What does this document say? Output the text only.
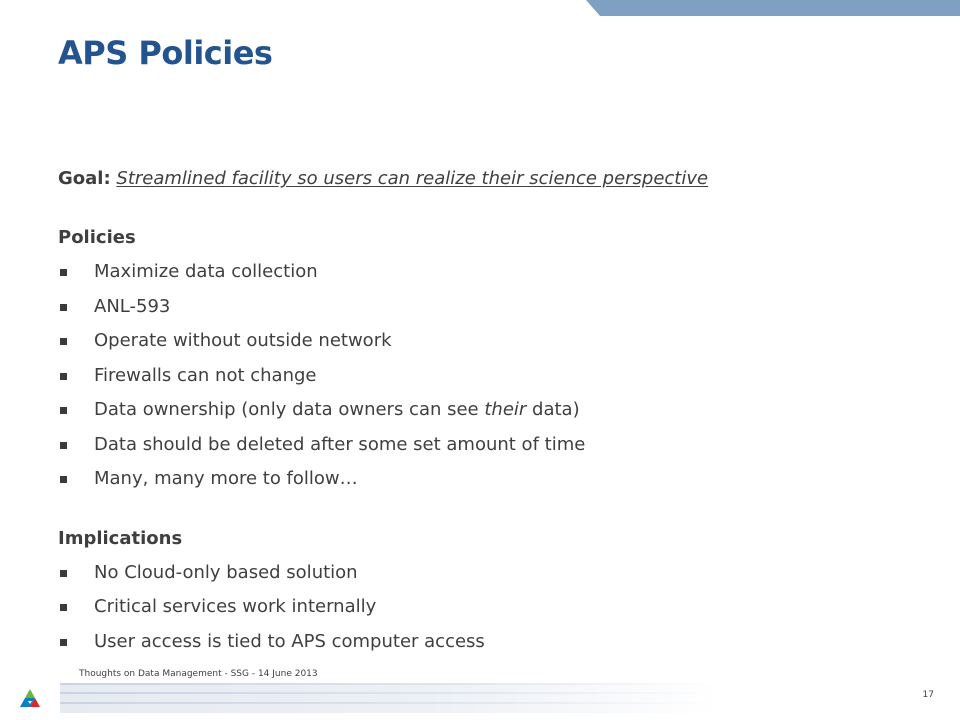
APS Policies
Goal: Streamlined facility so users can realize their science perspective
Policies
Maximize data collection
ANL-593
Operate without outside network
Firewalls can not change
Data ownership (only data owners can see their data)
Data should be deleted after some set amount of time
Many, many more to follow…
Implications
No Cloud-only based solution
Critical services work internally
User access is tied to APS computer access
Thoughts on Data Management - SSG - 14 June 2013
17
